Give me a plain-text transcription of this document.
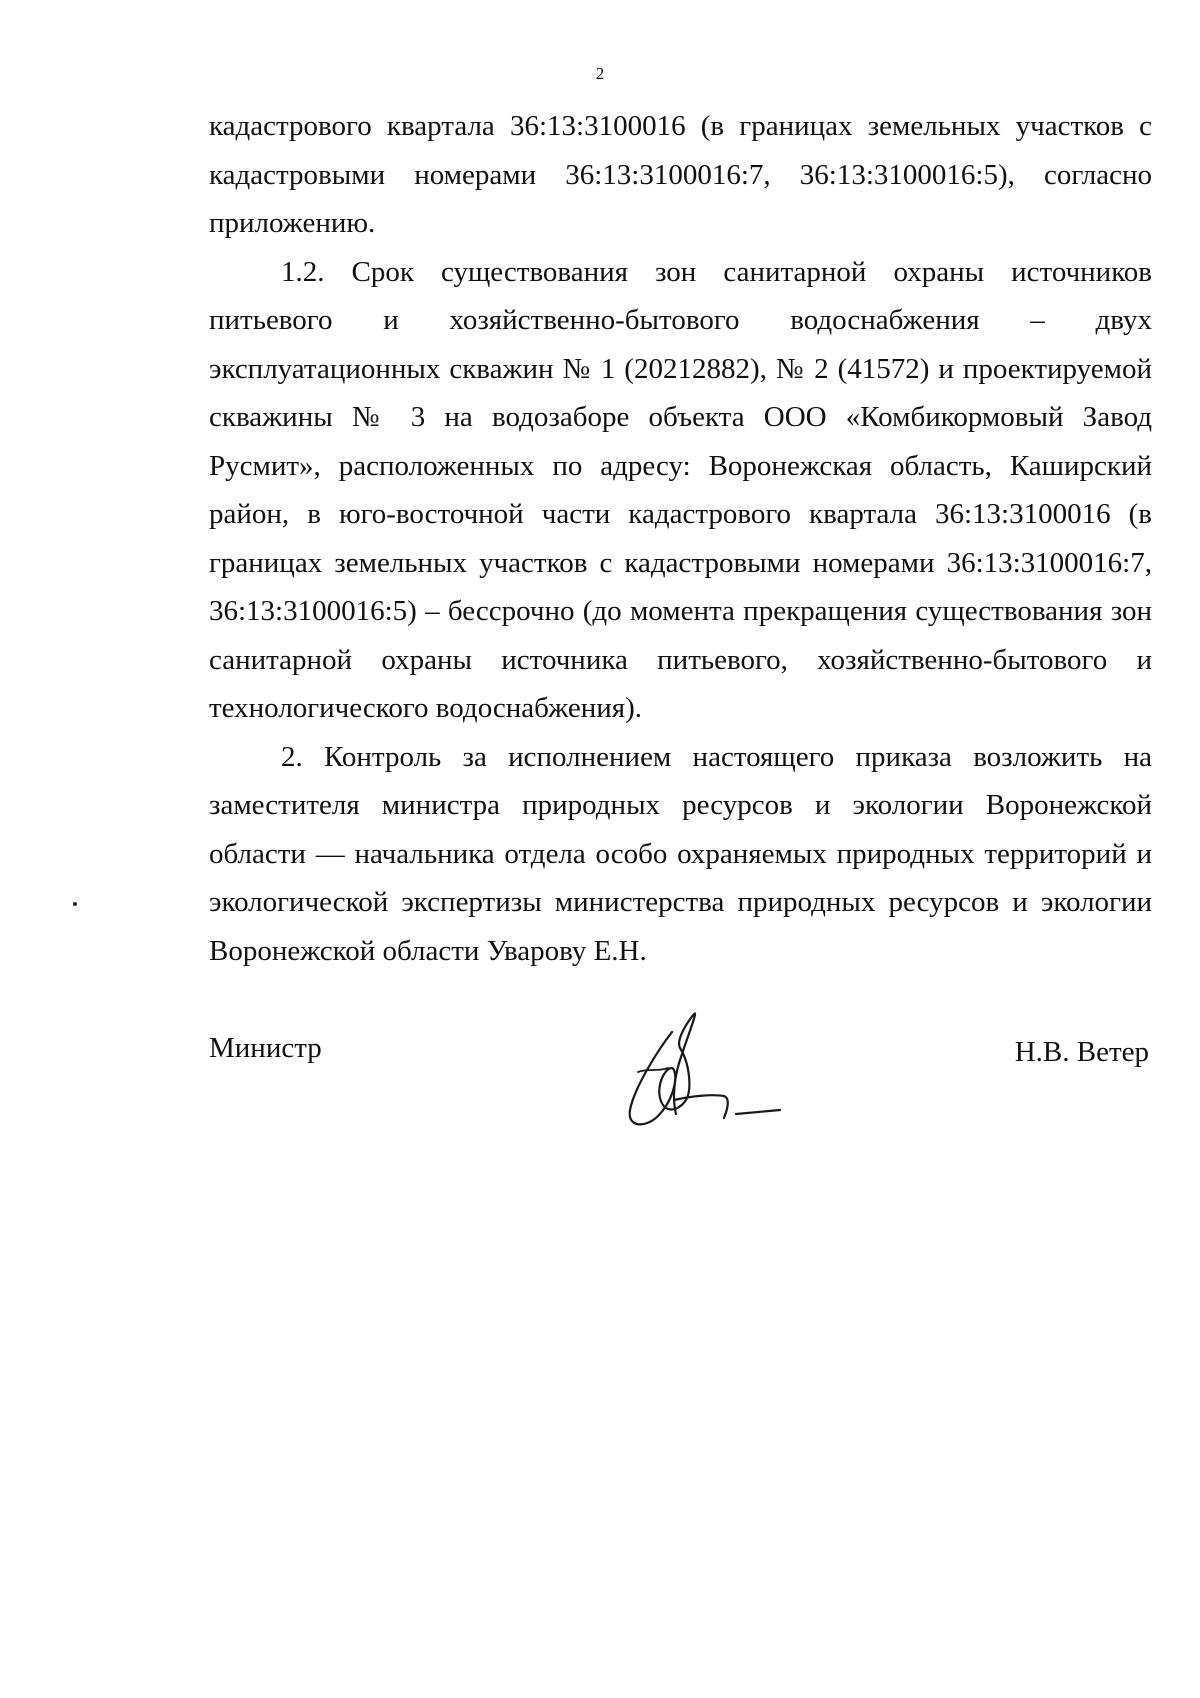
2

кадастрового квартала 36:13:3100016 (в границах земельных участков с кадастровыми номерами 36:13:3100016:7, 36:13:3100016:5), согласно приложению.

1.2. Срок существования зон санитарной охраны источников питьевого и хозяйственно-бытового водоснабжения – двух эксплуатационных скважин № 1 (20212882), № 2 (41572) и проектируемой скважины № 3 на водозаборе объекта ООО «Комбикормовый Завод Русмит», расположенных по адресу: Воронежская область, Каширский район, в юго-восточной части кадастрового квартала 36:13:3100016 (в границах земельных участков с кадастровыми номерами 36:13:3100016:7, 36:13:3100016:5) – бессрочно (до момента прекращения существования зон санитарной охраны источника питьевого, хозяйственно-бытового и технологического водоснабжения).

2. Контроль за исполнением настоящего приказа возложить на заместителя министра природных ресурсов и экологии Воронежской области — начальника отдела особо охраняемых природных территорий и экологической экспертизы министерства природных ресурсов и экологии Воронежской области Уварову Е.Н.

Министр	Н.В. Ветер
